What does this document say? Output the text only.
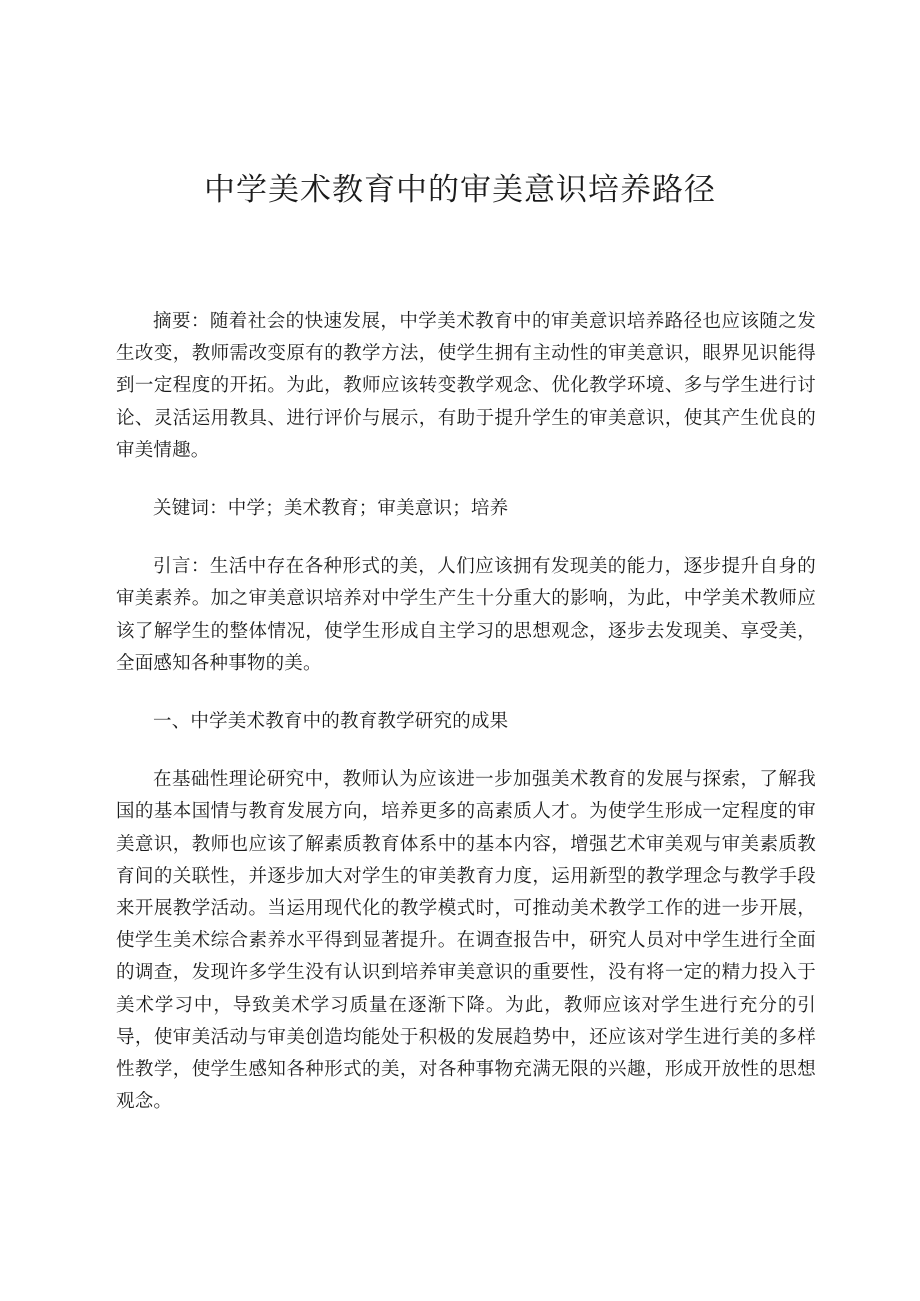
中学美术教育中的审美意识培养路径

摘要：随着社会的快速发展，中学美术教育中的审美意识培养路径也应该随之发生改变，教师需改变原有的教学方法，使学生拥有主动性的审美意识，眼界见识能得到一定程度的开拓。为此，教师应该转变教学观念、优化教学环境、多与学生进行讨论、灵活运用教具、进行评价与展示，有助于提升学生的审美意识，使其产生优良的审美情趣。

关键词：中学；美术教育；审美意识；培养

引言：生活中存在各种形式的美，人们应该拥有发现美的能力，逐步提升自身的审美素养。加之审美意识培养对中学生产生十分重大的影响，为此，中学美术教师应该了解学生的整体情况，使学生形成自主学习的思想观念，逐步去发现美、享受美，全面感知各种事物的美。

一、中学美术教育中的教育教学研究的成果

在基础性理论研究中，教师认为应该进一步加强美术教育的发展与探索，了解我国的基本国情与教育发展方向，培养更多的高素质人才。为使学生形成一定程度的审美意识，教师也应该了解素质教育体系中的基本内容，增强艺术审美观与审美素质教育间的关联性，并逐步加大对学生的审美教育力度，运用新型的教学理念与教学手段来开展教学活动。当运用现代化的教学模式时，可推动美术教学工作的进一步开展，使学生美术综合素养水平得到显著提升。在调查报告中，研究人员对中学生进行全面的调查，发现许多学生没有认识到培养审美意识的重要性，没有将一定的精力投入于美术学习中，导致美术学习质量在逐渐下降。为此，教师应该对学生进行充分的引导，使审美活动与审美创造均能处于积极的发展趋势中，还应该对学生进行美的多样性教学，使学生感知各种形式的美，对各种事物充满无限的兴趣，形成开放性的思想观念。
